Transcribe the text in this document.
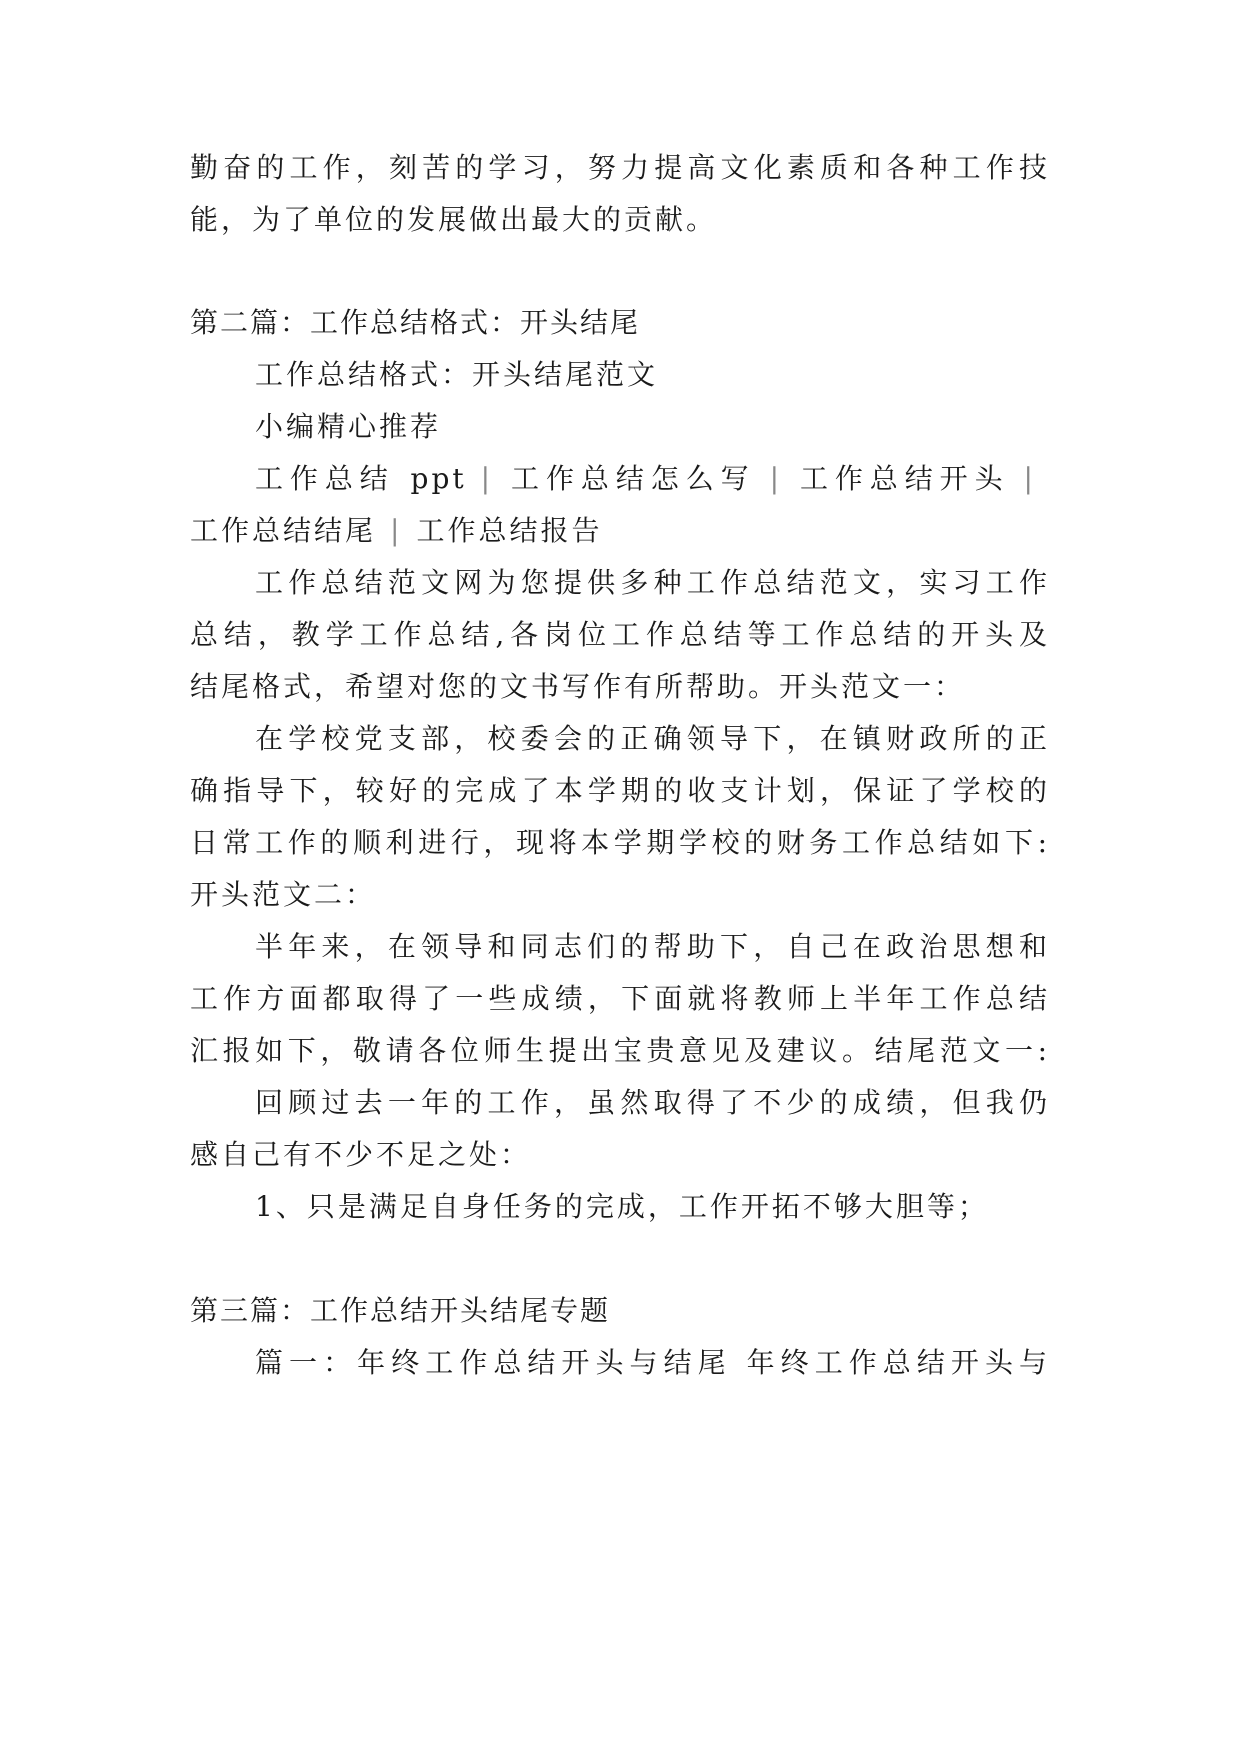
勤奋的工作，刻苦的学习，努力提高文化素质和各种工作技
能，为了单位的发展做出最大的贡献。
第二篇：工作总结格式：开头结尾
工作总结格式：开头结尾范文
小编精心推荐
工作总结 ppt | 工作总结怎么写 | 工作总结开头 |
工作总结结尾 | 工作总结报告
工作总结范文网为您提供多种工作总结范文，实习工作
总结，教学工作总结,各岗位工作总结等工作总结的开头及
结尾格式，希望对您的文书写作有所帮助。开头范文一：
在学校党支部，校委会的正确领导下，在镇财政所的正
确指导下，较好的完成了本学期的收支计划，保证了学校的
日常工作的顺利进行，现将本学期学校的财务工作总结如下:
开头范文二：
半年来，在领导和同志们的帮助下，自己在政治思想和
工作方面都取得了一些成绩，下面就将教师上半年工作总结
汇报如下，敬请各位师生提出宝贵意见及建议。结尾范文一:
回顾过去一年的工作，虽然取得了不少的成绩，但我仍
感自己有不少不足之处：
1、只是满足自身任务的完成，工作开拓不够大胆等；
第三篇：工作总结开头结尾专题
篇一：年终工作总结开头与结尾 年终工作总结开头与
